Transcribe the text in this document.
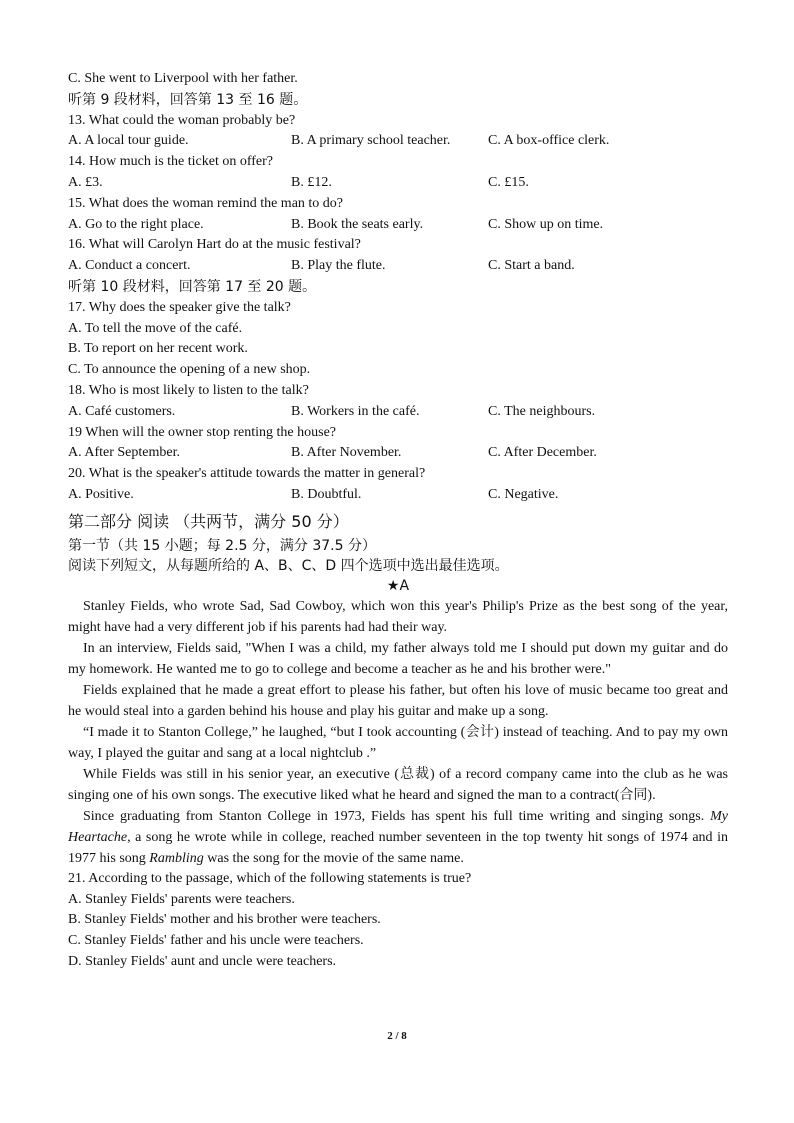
C. She went to Liverpool with her father.
听第 9 段材料，回答第 13 至 16 题。
13. What could the woman probably be?
A. A local tour guide.	B. A primary school teacher.	C. A box-office clerk.
14. How much is the ticket on offer?
A. £3.	B. £12.	C. £15.
15. What does the woman remind the man to do?
A. Go to the right place.	B. Book the seats early.	C. Show up on time.
16. What will Carolyn Hart do at the music festival?
A. Conduct a concert.	B. Play the flute.	C. Start a band.
听第 10 段材料，回答第 17 至 20 题。
17. Why does the speaker give the talk?
A. To tell the move of the café.
B. To report on her recent work.
C. To announce the opening of a new shop.
18. Who is most likely to listen to the talk?
A. Café customers.	B. Workers in the café.	C. The neighbours.
19 When will the owner stop renting the house?
A. After September.	B. After November.	C. After December.
20. What is the speaker's attitude towards the matter in general?
A. Positive.	B. Doubtful.	C. Negative.
第二部分 阅读 （共两节，满分 50 分）
第一节（共 15 小题；每 2.5 分，满分 37.5 分）
阅读下列短文，从每题所给的 A、B、C、D 四个选项中选出最佳选项。
★A

Stanley Fields, who wrote Sad, Sad Cowboy, which won this year's Philip's Prize as the best song of the year, might have had a very different job if his parents had had their way.

In an interview, Fields said, "When I was a child, my father always told me I should put down my guitar and do my homework. He wanted me to go to college and become a teacher as he and his brother were."

Fields explained that he made a great effort to please his father, but often his love of music became too great and he would steal into a garden behind his house and play his guitar and make up a song.

“I made it to Stanton College,” he laughed, “but I took accounting (会计) instead of teaching. And to pay my own way, I played the guitar and sang at a local nightclub .”

While Fields was still in his senior year, an executive (总裁) of a record company came into the club as he was singing one of his own songs. The executive liked what he heard and signed the man to a contract(合同).

Since graduating from Stanton College in 1973, Fields has spent his full time writing and singing songs. My Heartache, a song he wrote while in college, reached number seventeen in the top twenty hit songs of 1974 and in 1977 his song Rambling was the song for the movie of the same name.

21. According to the passage, which of the following statements is true?
A. Stanley Fields' parents were teachers.
B. Stanley Fields' mother and his brother were teachers.
C. Stanley Fields' father and his uncle were teachers.
D. Stanley Fields' aunt and uncle were teachers.
2 / 8
